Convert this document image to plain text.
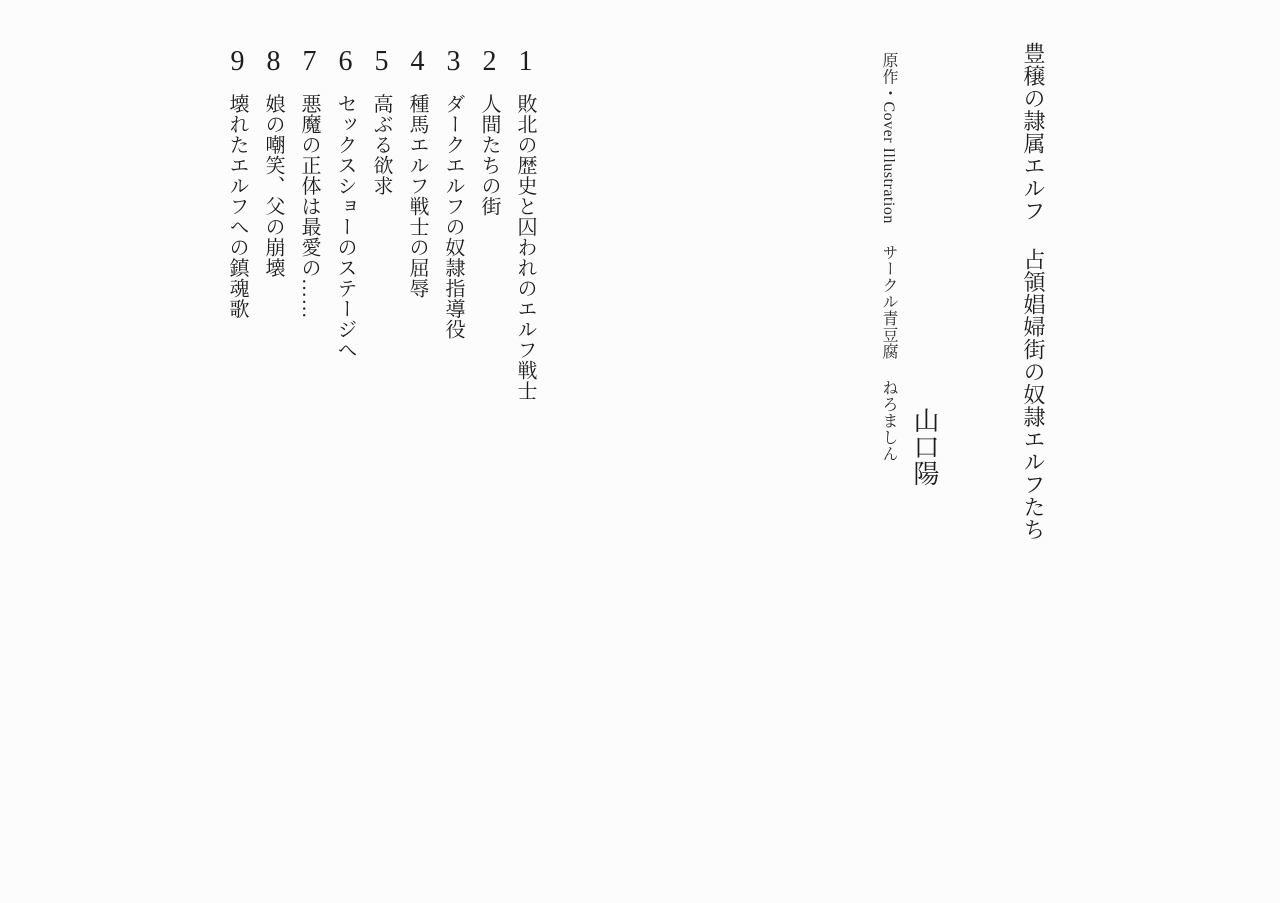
豊穣の隷属エルフ占領娼婦街の奴隷エルフたち
山口陽
原作・Cover Illustrationサークル青豆腐ねろましん
1敗北の歴史と囚われのエルフ戦士
2人間たちの街
3ダークエルフの奴隷指導役
4種馬エルフ戦士の屈辱
5高ぶる欲求
6セックスショーのステージへ
7悪魔の正体は最愛の……
8娘の嘲笑、父の崩壊
9壊れたエルフへの鎮魂歌
